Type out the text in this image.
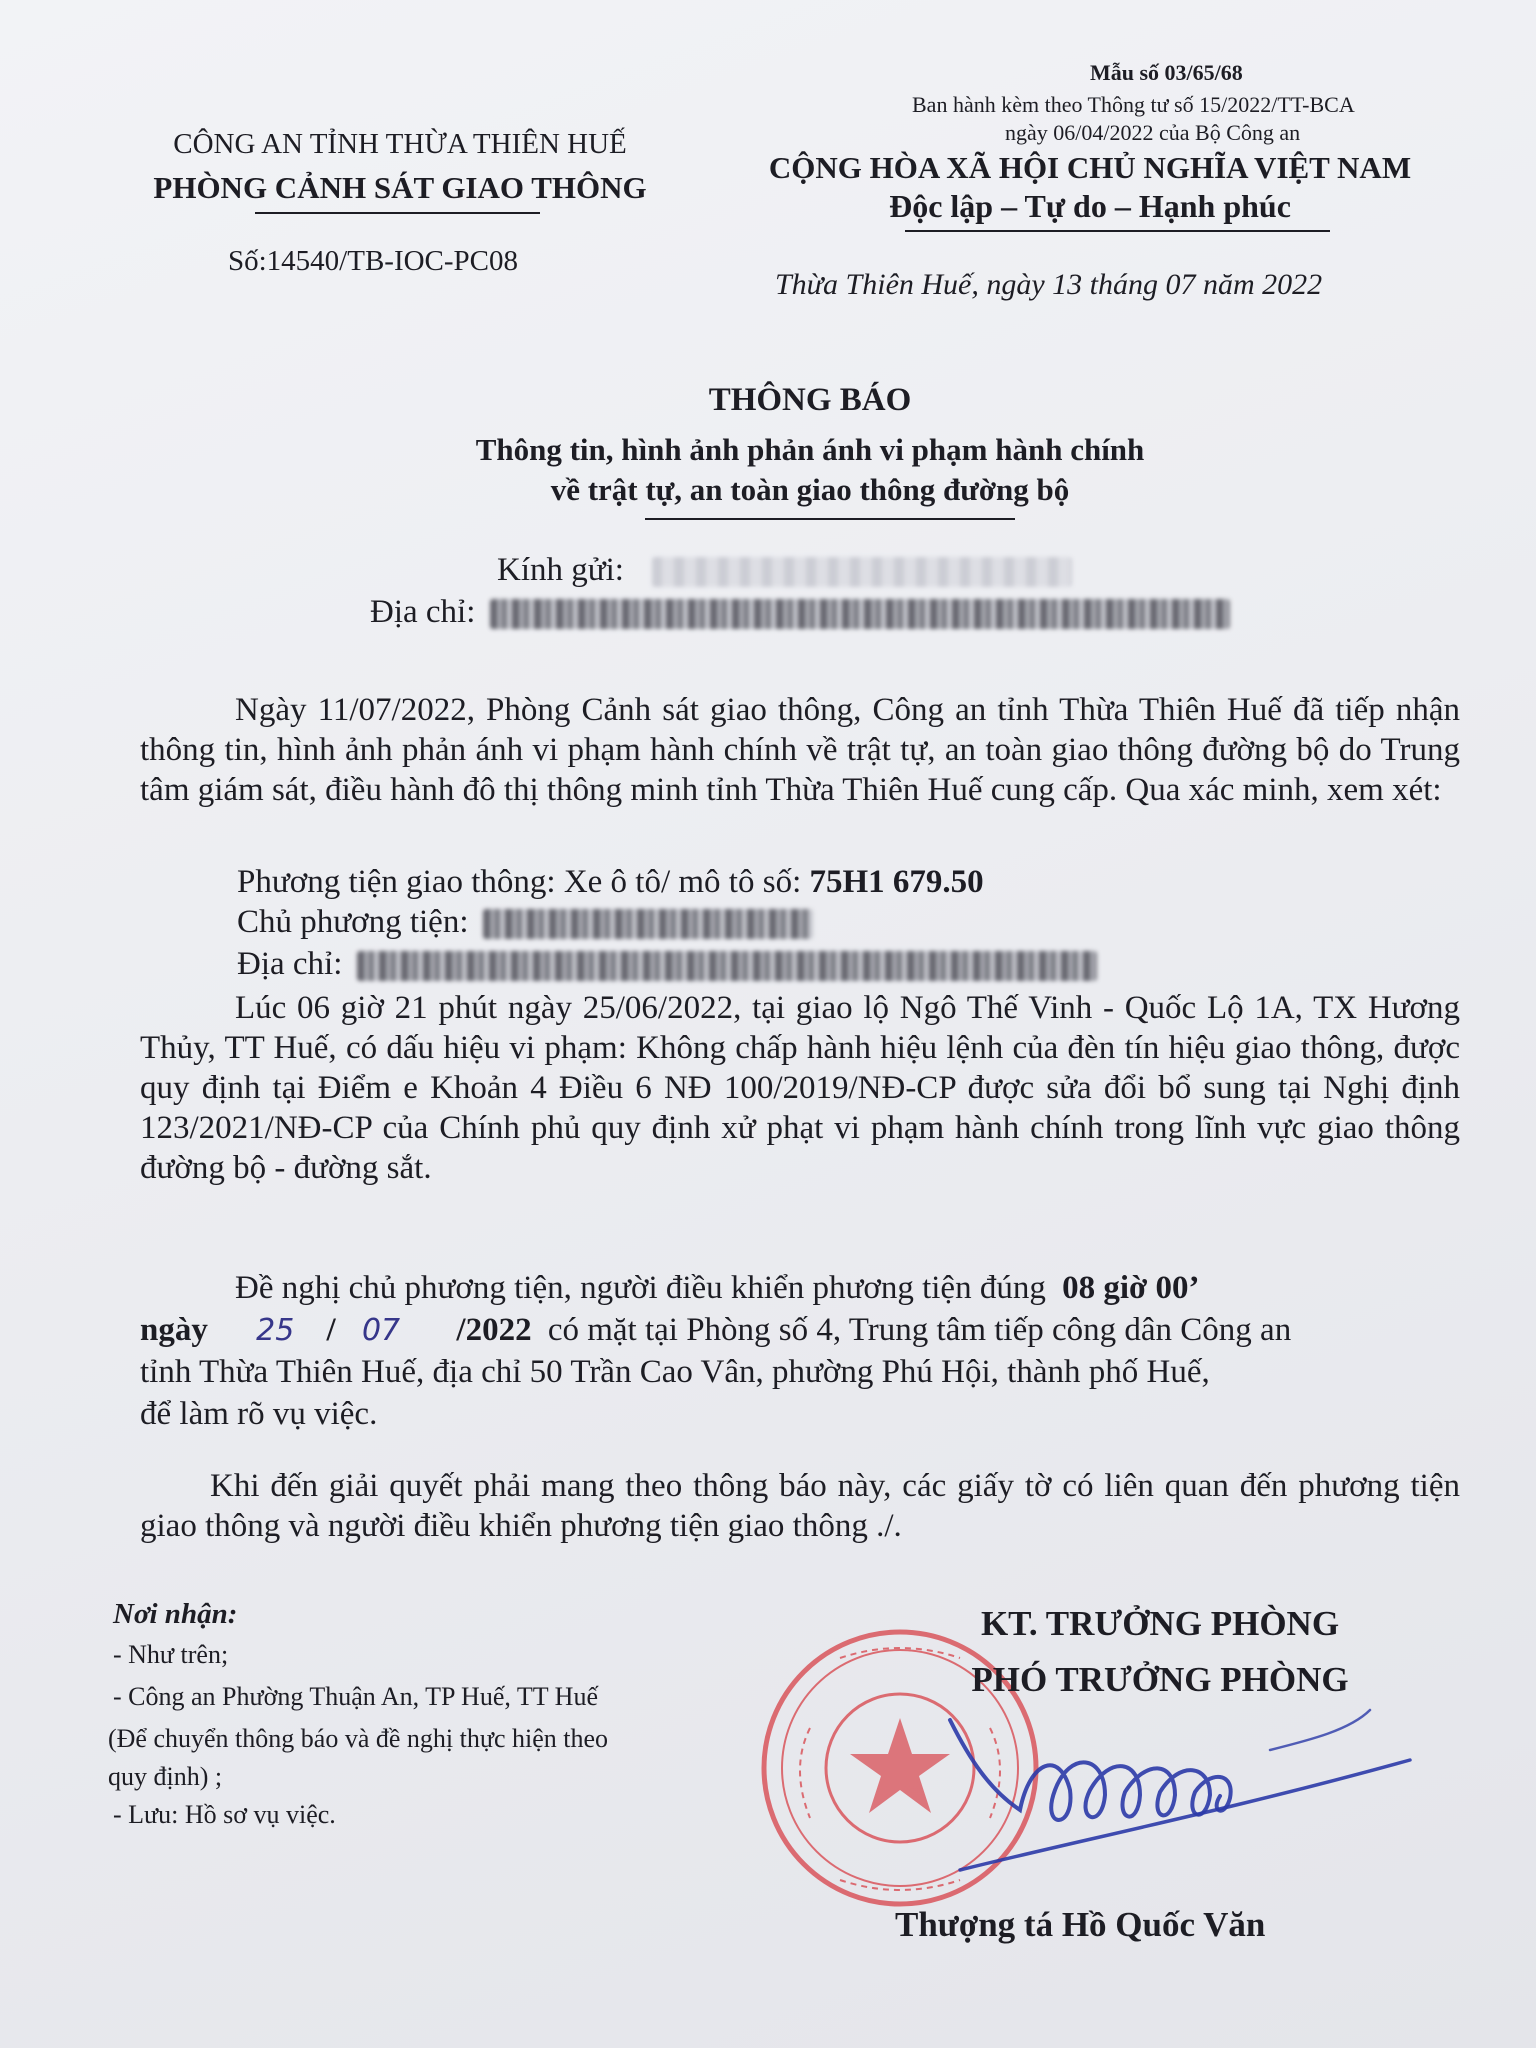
Mẫu số 03/65/68
Ban hành kèm theo Thông tư số 15/2022/TT-BCA
ngày 06/04/2022 của Bộ Công an
CÔNG AN TỈNH THỪA THIÊN HUẾ
PHÒNG CẢNH SÁT GIAO THÔNG
Số:14540/TB-IOC-PC08
CỘNG HÒA XÃ HỘI CHỦ NGHĨA VIỆT NAM
Độc lập – Tự do – Hạnh phúc
Thừa Thiên Huế, ngày 13 tháng 07 năm 2022
THÔNG BÁO
Thông tin, hình ảnh phản ánh vi phạm hành chính
về trật tự, an toàn giao thông đường bộ
Kính gửi:
Địa chỉ:
Ngày 11/07/2022, Phòng Cảnh sát giao thông, Công an tỉnh Thừa Thiên Huế đã tiếp nhận thông tin, hình ảnh phản ánh vi phạm hành chính về trật tự, an toàn giao thông đường bộ do Trung tâm giám sát, điều hành đô thị thông minh tỉnh Thừa Thiên Huế cung cấp. Qua xác minh, xem xét:
Phương tiện giao thông: Xe ô tô/ mô tô số: 75H1 679.50
Chủ phương tiện:
Địa chỉ:
Lúc 06 giờ 21 phút ngày 25/06/2022, tại giao lộ Ngô Thế Vinh - Quốc Lộ 1A, TX Hương Thủy, TT Huế, có dấu hiệu vi phạm: Không chấp hành hiệu lệnh của đèn tín hiệu giao thông, được quy định tại Điểm e Khoản 4 Điều 6 NĐ 100/2019/NĐ-CP được sửa đổi bổ sung tại Nghị định 123/2021/NĐ-CP của Chính phủ quy định xử phạt vi phạm hành chính trong lĩnh vực giao thông đường bộ - đường sắt.
Đề nghị chủ phương tiện, người điều khiển phương tiện đúng 08 giờ 00’
ngày 25 / 07 /2022 có mặt tại Phòng số 4, Trung tâm tiếp công dân Công an
tỉnh Thừa Thiên Huế, địa chỉ 50 Trần Cao Vân, phường Phú Hội, thành phố Huế,
để làm rõ vụ việc.
Khi đến giải quyết phải mang theo thông báo này, các giấy tờ có liên quan đến phương tiện giao thông và người điều khiển phương tiện giao thông ./.
Nơi nhận:
- Như trên;
- Công an Phường Thuận An, TP Huế, TT Huế
(Để chuyển thông báo và đề nghị thực hiện theo
quy định) ;
- Lưu: Hồ sơ vụ việc.
KT. TRƯỞNG PHÒNG
PHÓ TRƯỞNG PHÒNG
Thượng tá Hồ Quốc Văn
